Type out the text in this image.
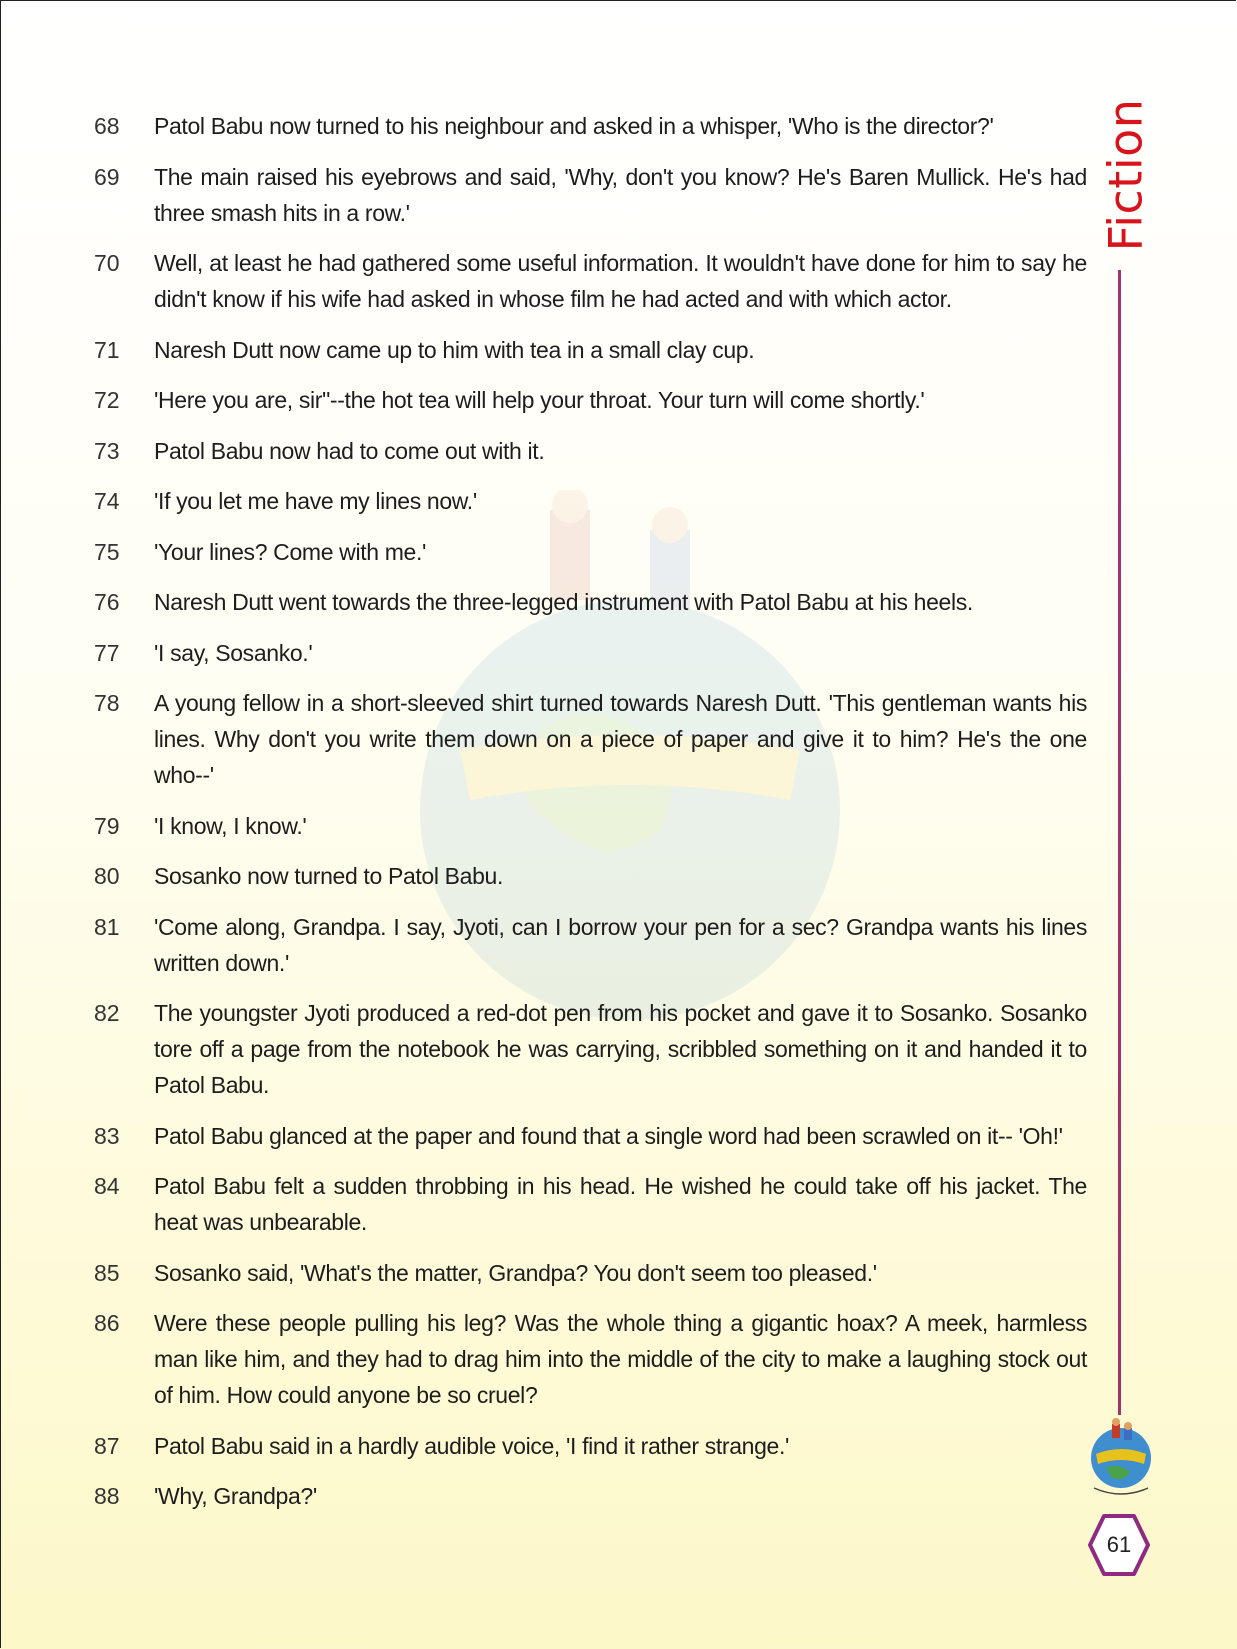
68	Patol Babu now turned to his neighbour and asked in a whisper, 'Who is the director?'
69	The main raised his eyebrows and said, 'Why, don't you know? He's Baren Mullick. He's had three smash hits in a row.'
70	Well, at least he had gathered some useful information. It wouldn't have done for him to say he didn't know if his wife had asked in whose film he had acted and with which actor.
71	Naresh Dutt now came up to him with tea in a small clay cup.
72	'Here you are, sir"--the hot tea will help your throat. Your turn will come shortly.'
73	Patol Babu now had to come out with it.
74	'If you let me have my lines now.'
75	'Your lines? Come with me.'
76	Naresh Dutt went towards the three-legged instrument with Patol Babu at his heels.
77	'I say, Sosanko.'
78	A young fellow in a short-sleeved shirt turned towards Naresh Dutt. 'This gentleman wants his lines. Why don't you write them down on a piece of paper and give it to him? He's the one who--'
79	'I know, I know.'
80	Sosanko now turned to Patol Babu.
81	'Come along, Grandpa. I say, Jyoti, can I borrow your pen for a sec? Grandpa wants his lines written down.'
82	The youngster Jyoti produced a red-dot pen from his pocket and gave it to Sosanko. Sosanko tore off a page from the notebook he was carrying, scribbled something on it and handed it to Patol Babu.
83	Patol Babu glanced at the paper and found that a single word had been scrawled on it-- 'Oh!'
84	Patol Babu felt a sudden throbbing in his head. He wished he could take off his jacket. The heat was unbearable.
85	Sosanko said, 'What's the matter, Grandpa? You don't seem too pleased.'
86	Were these people pulling his leg? Was the whole thing a gigantic hoax? A meek, harmless man like him, and they had to drag him into the middle of the city to make a laughing stock out of him. How could anyone be so cruel?
87	Patol Babu said in a hardly audible voice, 'I find it rather strange.'
88	'Why, Grandpa?'
Fiction
61
